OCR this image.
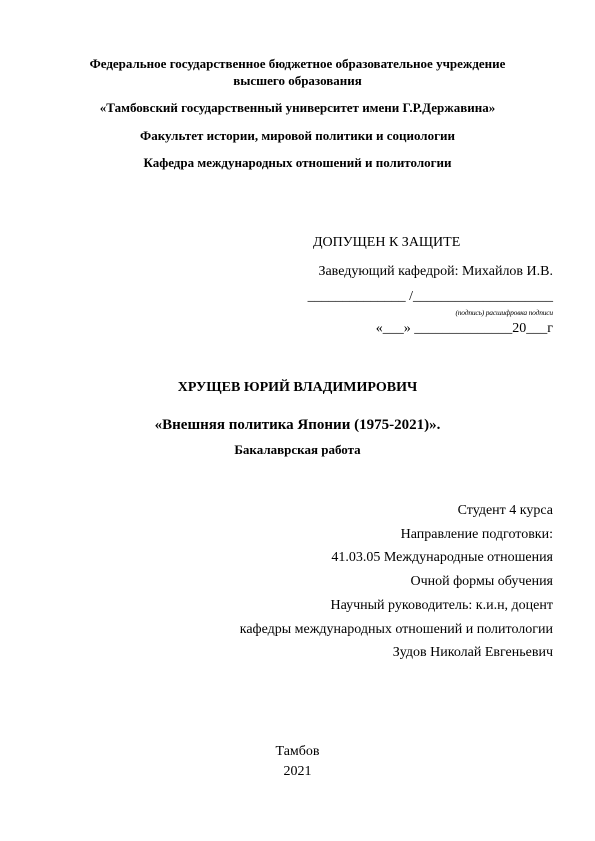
Федеральное государственное бюджетное образовательное учреждение
высшего образования
«Тамбовский государственный университет имени Г.Р.Державина»
Факультет истории, мировой политики и социологии
Кафедра международных отношений и политологии
ДОПУЩЕН К ЗАЩИТЕ
Заведующий кафедрой: Михайлов И.В.
______________ /____________________
(подпись) расшифровка подписи
«___» ______________20___г
ХРУЩЕВ ЮРИЙ ВЛАДИМИРОВИЧ
«Внешняя политика Японии (1975-2021)».
Бакалаврская работа
Студент 4 курса
Направление подготовки:
41.03.05 Международные отношения
Очной формы обучения
Научный руководитель: к.и.н, доцент
кафедры международных отношений и политологии
Зудов Николай Евгеньевич
Тамбов
2021
